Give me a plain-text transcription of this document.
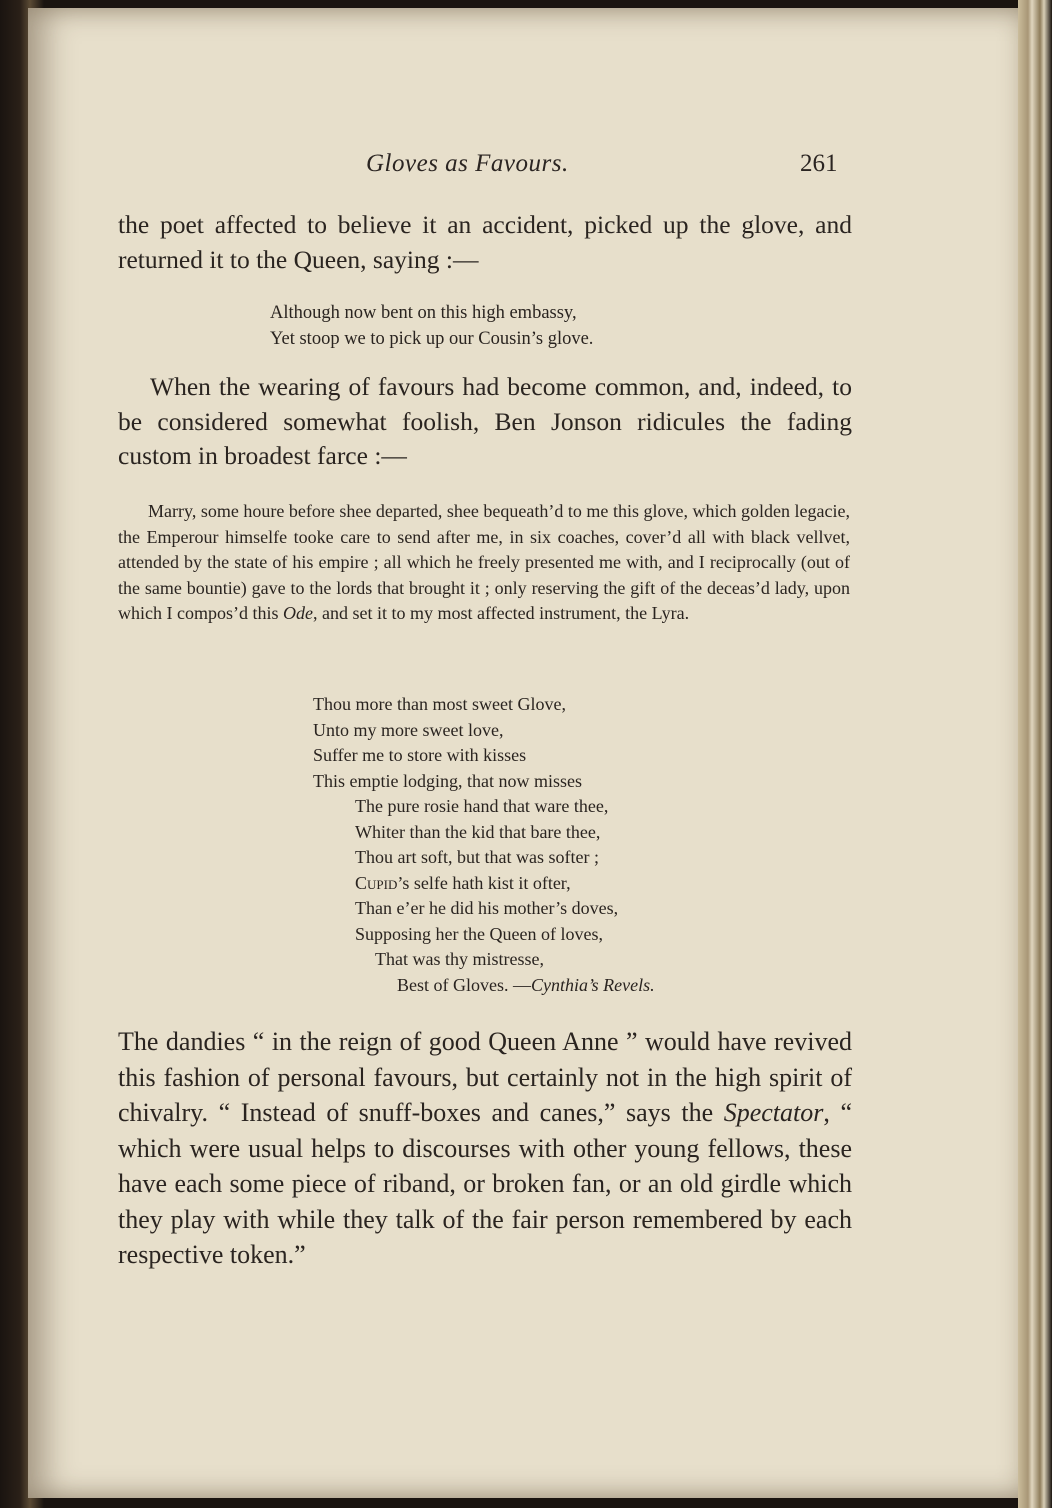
Gloves as Favours.	261

the poet affected to believe it an accident, picked up the glove, and returned it to the Queen, saying :—

Although now bent on this high embassy,
Yet stoop we to pick up our Cousin’s glove.

When the wearing of favours had become common, and, indeed, to be considered somewhat foolish, Ben Jonson ridicules the fading custom in broadest farce :—

Marry, some houre before shee departed, shee bequeath’d to me this glove, which golden legacie, the Emperour himselfe tooke care to send after me, in six coaches, cover’d all with black vellvet, attended by the state of his empire ; all which he freely presented me with, and I reciprocally (out of the same bountie) gave to the lords that brought it ; only reserving the gift of the deceas’d lady, upon which I compos’d this Ode, and set it to my most affected instrument, the Lyra.

Thou more than most sweet Glove,
Unto my more sweet love,
Suffer me to store with kisses
This emptie lodging, that now misses
The pure rosie hand that ware thee,
Whiter than the kid that bare thee,
Thou art soft, but that was softer ;
Cupid’s selfe hath kist it ofter,
Than e’er he did his mother’s doves,
Supposing her the Queen of loves,
That was thy mistresse,
Best of Gloves. —Cynthia’s Revels.

The dandies “ in the reign of good Queen Anne ” would have revived this fashion of personal favours, but certainly not in the high spirit of chivalry. “ Instead of snuff-boxes and canes,” says the Spectator, “ which were usual helps to discourses with other young fellows, these have each some piece of riband, or broken fan, or an old girdle which they play with while they talk of the fair person remembered by each respective token.”
